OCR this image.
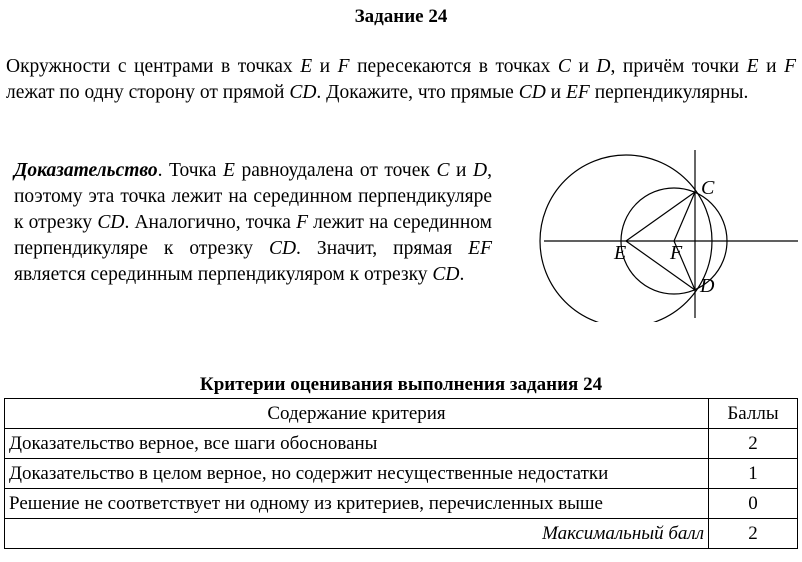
Задание 24
Окружности с центрами в точках E и F пересекаются в точках C и D, причём точки E и F лежат по одну сторону от прямой CD. Докажите, что прямые CD и EF перпендикулярны.
Доказательство. Точка E равноудалена от точек C и D, поэтому эта точка лежит на серединном перпендикуляре к отрезку CD. Аналогично, точка F лежит на серединном перпендикуляре к отрезку CD. Значит, прямая EF является серединным перпендикуляром к отрезку CD.
C
D
E F
Критерии оценивания выполнения задания 24
Содержание критерия	Баллы
Доказательство верное, все шаги обоснованы	2
Доказательство в целом верное, но содержит несущественные недостатки	1
Решение не соответствует ни одному из критериев, перечисленных выше	0
Максимальный балл	2
